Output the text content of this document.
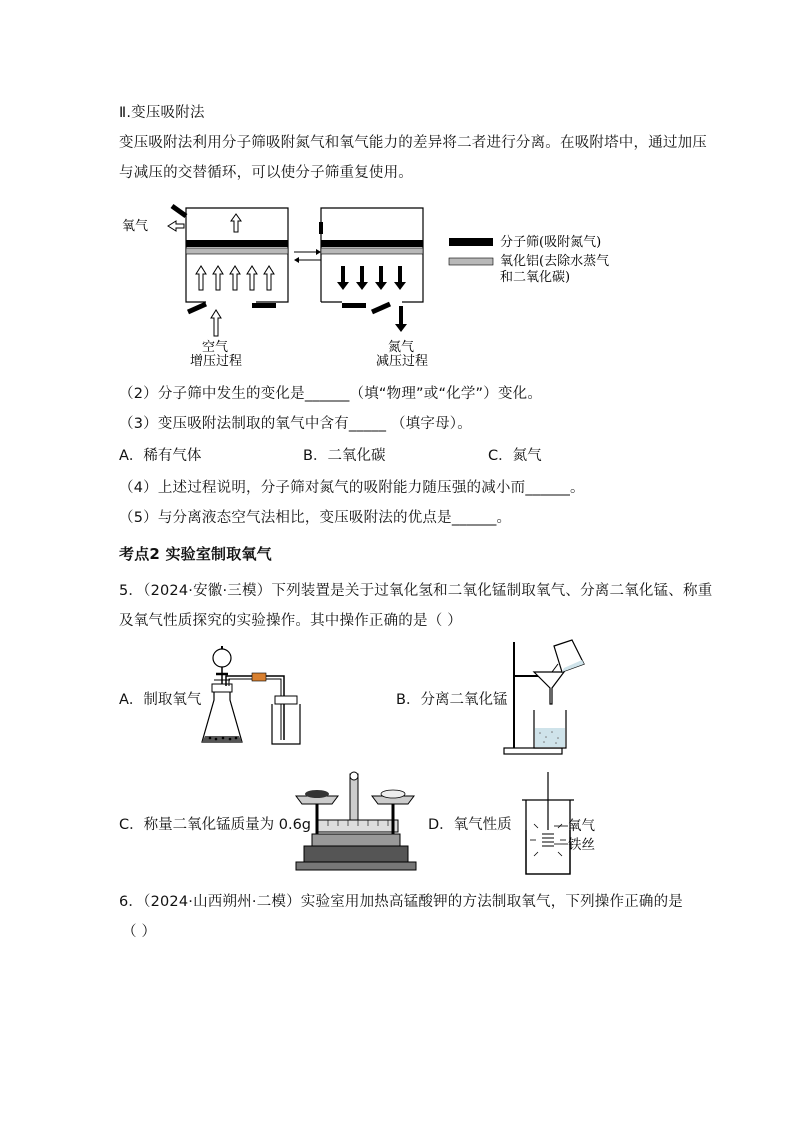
Ⅱ.变压吸附法
变压吸附法利用分子筛吸附氮气和氧气能力的差异将二者进行分离。在吸附塔中，通过加压
与减压的交替循环，可以使分子筛重复使用。
氧气
空气
增压过程
氮气
减压过程
分子筛(吸附氮气)
氧化铝(去除水蒸气
和二氧化碳)
（2）分子筛中发生的变化是______（填“物理”或“化学”）变化。
（3）变压吸附法制取的氧气中含有_____ （填字母）。
A．稀有气体	B．二氧化碳	C．氮气
（4）上述过程说明，分子筛对氮气的吸附能力随压强的减小而______。
（5）与分离液态空气法相比，变压吸附法的优点是______。
考点2 实验室制取氧气
5．（2024·安徽·三模）下列装置是关于过氧化氢和二氧化锰制取氧气、分离二氧化锰、称重
及氧气性质探究的实验操作。其中操作正确的是（ ）
A．制取氧气	B．分离二氧化锰
C．称量二氧化锰质量为 0.6g	D．氧气性质	氧气
铁丝
6．（2024·山西朔州·二模）实验室用加热高锰酸钾的方法制取氧气，下列操作正确的是
（ ）
